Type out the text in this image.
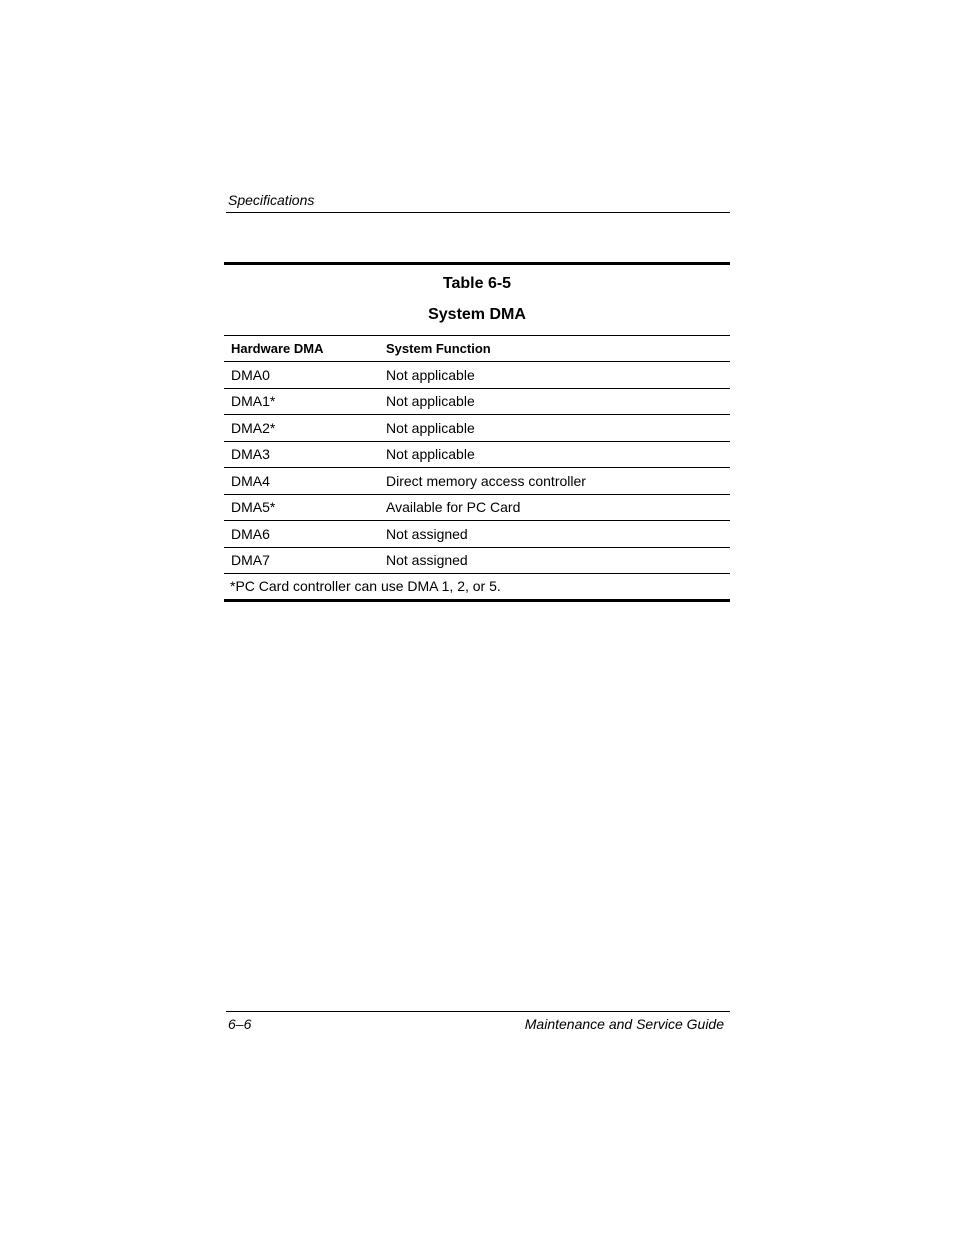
Specifications
Table 6-5
System DMA
Hardware DMA	System Function
DMA0	Not applicable
DMA1*	Not applicable
DMA2*	Not applicable
DMA3	Not applicable
DMA4	Direct memory access controller
DMA5*	Available for PC Card
DMA6	Not assigned
DMA7	Not assigned
*PC Card controller can use DMA 1, 2, or 5.
6–6	Maintenance and Service Guide
